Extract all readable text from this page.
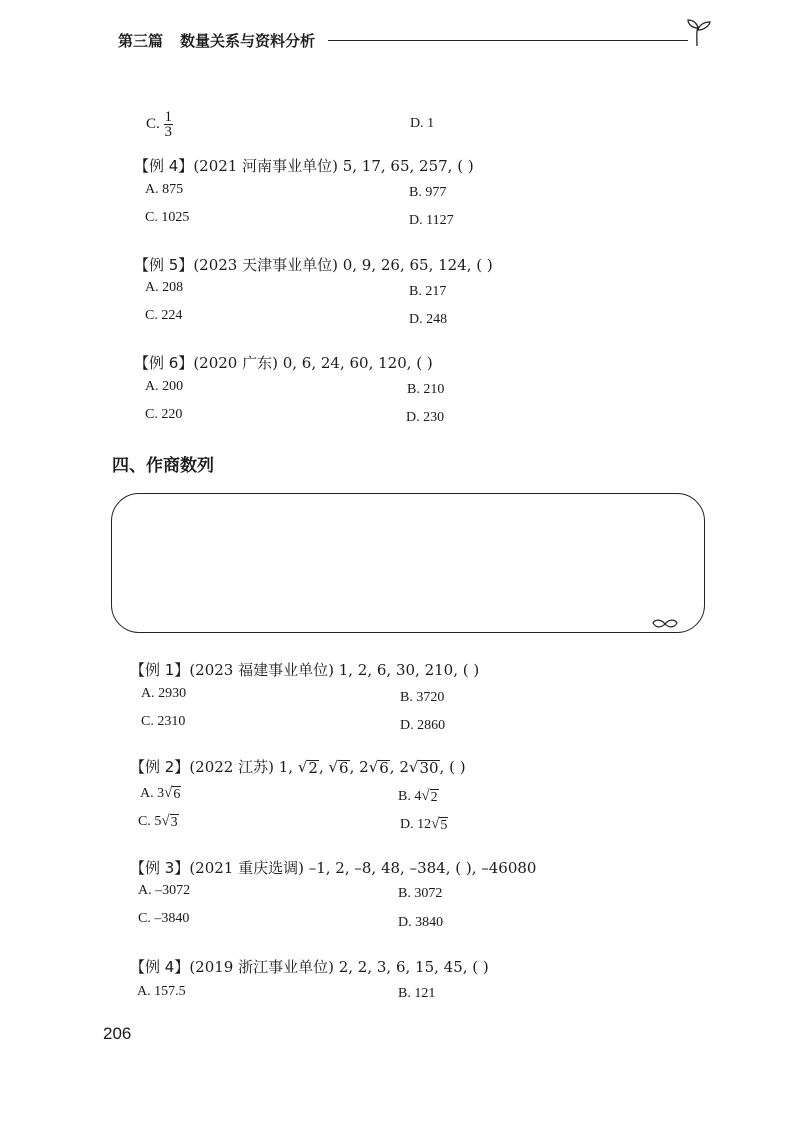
第三篇 数量关系与资料分析
C. $\frac{1}{3}$	D. 1
【例 4】(2021 河南事业单位) 5, 17, 65, 257, ( )
A. 875	B. 977
C. 1025	D. 1127
【例 5】(2023 天津事业单位) 0, 9, 26, 65, 124, ( )
A. 208	B. 217
C. 224	D. 248
【例 6】(2020 广东) 0, 6, 24, 60, 120, ( )
A. 200	B. 210
C. 220	D. 230
四、作商数列
【例 1】(2023 福建事业单位) 1, 2, 6, 30, 210, ( )
A. 2930	B. 3720
C. 2310	D. 2860
【例 2】(2022 江苏) 1, √ 2 , √ 6 , 2 √ 6 , 2 √ 30 , ( )
A. 3 √ 6	B. 4 √ 2
C. 5 √ 3	D. 12 √ 5
【例 3】(2021 重庆选调) –1, 2, –8, 48, –384, ( ), –46080
A. –3072	B. 3072
C. –3840	D. 3840
【例 4】(2019 浙江事业单位) 2, 2, 3, 6, 15, 45, ( )
A. 157.5	B. 121
206
